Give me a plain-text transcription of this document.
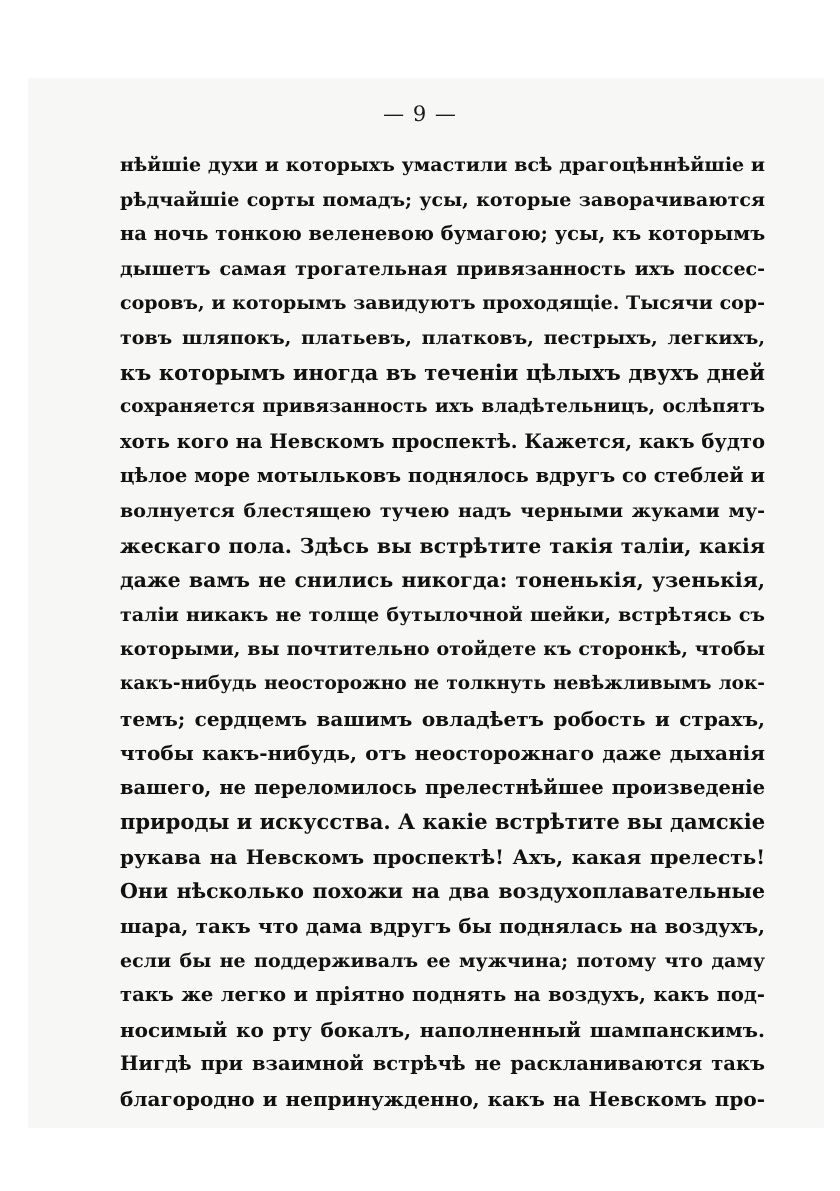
— 9 —
нѣйшіе духи и которыхъ умастили всѣ драгоцѣннѣйшіе и
рѣдчайшіе сорты помадъ; усы, которые заворачиваются
на ночь тонкою веленевою бумагою; усы, къ которымъ
дышетъ самая трогательная привязанность ихъ поссес-
соровъ, и которымъ завидуютъ проходящіе. Тысячи сор-
товъ шляпокъ, платьевъ, платковъ, пестрыхъ, легкихъ,
къ которымъ иногда въ теченіи цѣлыхъ двухъ дней
сохраняется привязанность ихъ владѣтельницъ, ослѣпятъ
хоть кого на Невскомъ проспектѣ. Кажется, какъ будто
цѣлое море мотыльковъ поднялось вдругъ со стеблей и
волнуется блестящею тучею надъ черными жуками му-
жескаго пола. Здѣсь вы встрѣтите такія таліи, какія
даже вамъ не снились никогда: тоненькія, узенькія,
таліи никакъ не толще бутылочной шейки, встрѣтясь съ
которыми, вы почтительно отойдете къ сторонкѣ, чтобы
какъ-нибудь неосторожно не толкнуть невѣжливымъ лок-
темъ; сердцемъ вашимъ овладѣетъ робость и страхъ,
чтобы какъ-нибудь, отъ неосторожнаго даже дыханія
вашего, не переломилось прелестнѣйшее произведеніе
природы и искусства. А какіе встрѣтите вы дамскіе
рукава на Невскомъ проспектѣ! Ахъ, какая прелесть!
Они нѣсколько похожи на два воздухоплавательные
шара, такъ что дама вдругъ бы поднялась на воздухъ,
если бы не поддерживалъ ее мужчина; потому что даму
такъ же легко и пріятно поднять на воздухъ, какъ под-
носимый ко рту бокалъ, наполненный шампанскимъ.
Нигдѣ при взаимной встрѣчѣ не раскланиваются такъ
благородно и непринужденно, какъ на Невскомъ про-
